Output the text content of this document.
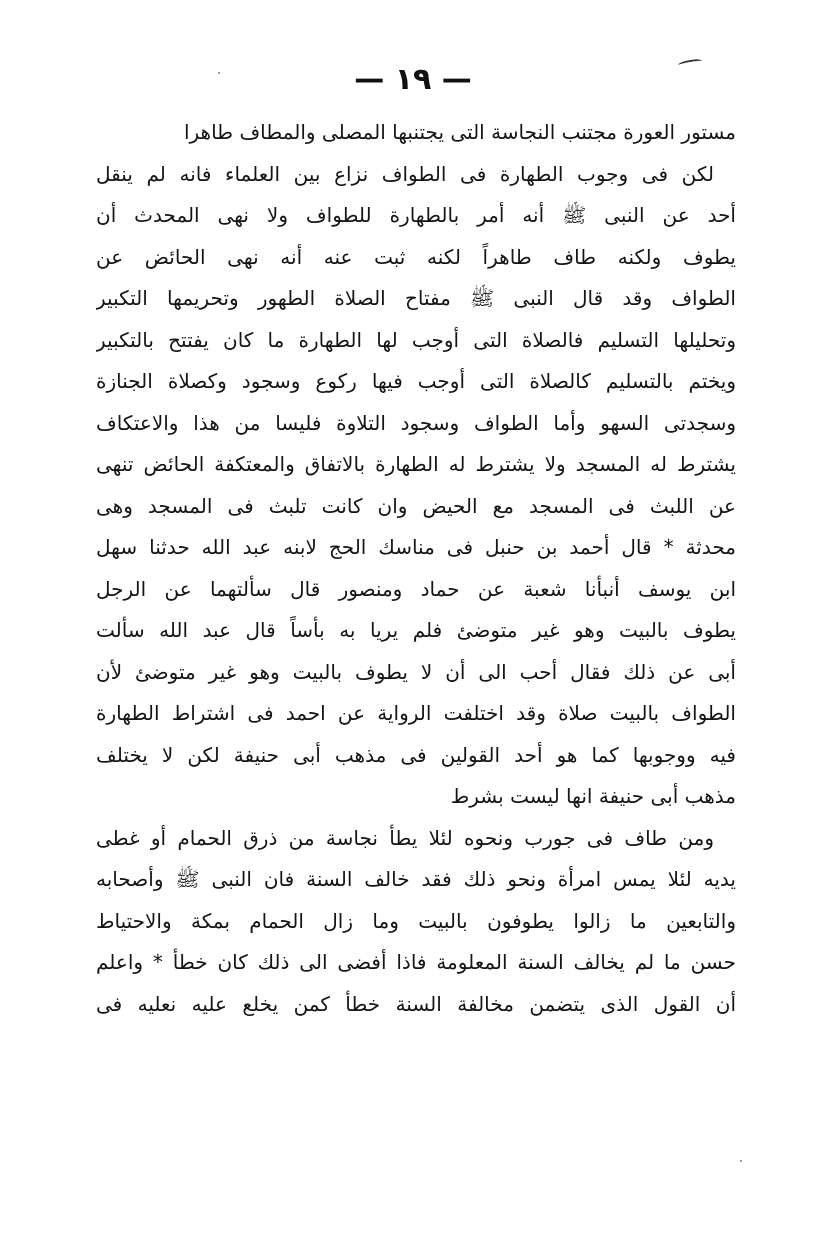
— ١٩ —
مستور العورة مجتنب النجاسة التى يجتنبها المصلى والمطاف طاهرا
لكن فى وجوب الطهارة فى الطواف نزاع بين العلماء فانه لم ينقل
أحد عن النبى ﷺ أنه أمر بالطهارة للطواف ولا نهى المحدث أن
يطوف ولكنه طاف طاهراً لكنه ثبت عنه أنه نهى الحائض عن
الطواف وقد قال النبى ﷺ مفتاح الصلاة الطهور وتحريمها التكبير
وتحليلها التسليم فالصلاة التى أوجب لها الطهارة ما كان يفتتح بالتكبير
ويختم بالتسليم كالصلاة التى أوجب فيها ركوع وسجود وكصلاة الجنازة
وسجدتى السهو وأما الطواف وسجود التلاوة فليسا من هذا والاعتكاف
يشترط له المسجد ولا يشترط له الطهارة بالاتفاق والمعتكفة الحائض تنهى
عن اللبث فى المسجد مع الحيض وان كانت تلبث فى المسجد وهى
محدثة * قال أحمد بن حنبل فى مناسك الحج لابنه عبد الله حدثنا سهل
ابن يوسف أنبأنا شعبة عن حماد ومنصور قال سألتهما عن الرجل
يطوف بالبيت وهو غير متوضئ فلم يريا به بأساً قال عبد الله سألت
أبى عن ذلك فقال أحب الى أن لا يطوف بالبيت وهو غير متوضئ لأن
الطواف بالبيت صلاة وقد اختلفت الرواية عن احمد فى اشتراط الطهارة
فيه ووجوبها كما هو أحد القولين فى مذهب أبى حنيفة لكن لا يختلف
مذهب أبى حنيفة انها ليست بشرط
ومن طاف فى جورب ونحوه لئلا يطأ نجاسة من ذرق الحمام أو غطى
يديه لئلا يمس امرأة ونحو ذلك فقد خالف السنة فان النبى ﷺ وأصحابه
والتابعين ما زالوا يطوفون بالبيت وما زال الحمام بمكة والاحتياط
حسن ما لم يخالف السنة المعلومة فاذا أفضى الى ذلك كان خطأ * واعلم
أن القول الذى يتضمن مخالفة السنة خطأ كمن يخلع عليه نعليه فى
